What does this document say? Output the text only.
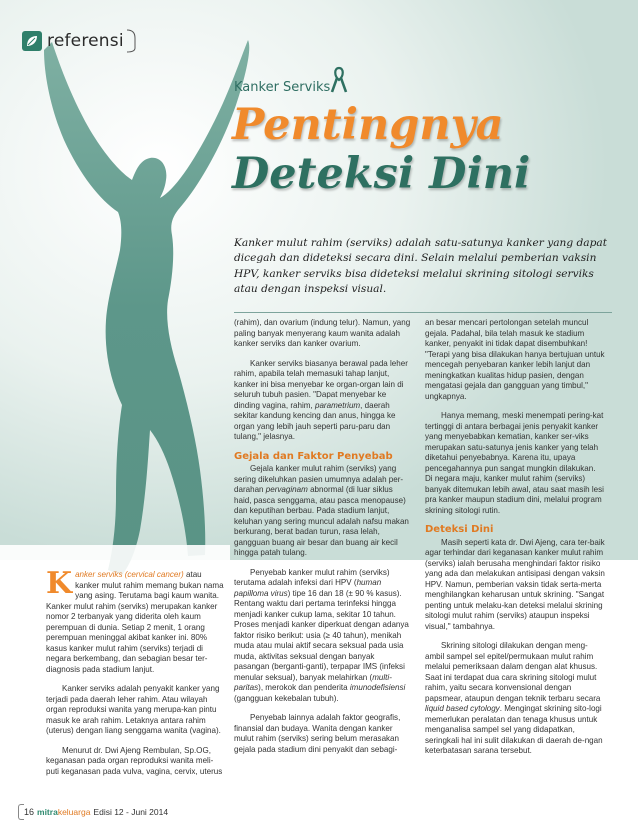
referensi
Kanker Serviks
Pentingnya
Deteksi Dini
Kanker mulut rahim (serviks) adalah satu-satunya kanker yang dapat dicegah dan dideteksi secara dini. Selain melalui pemberian vaksin HPV, kanker serviks bisa dideteksi melalui skrining sitologi serviks atau dengan inspeksi visual.

Kanker serviks (cervical cancer) atau kanker mulut rahim memang bukan nama yang asing. Terutama bagi kaum wanita. Kanker mulut rahim (serviks) merupakan kanker nomor 2 terbanyak yang diderita oleh kaum perempuan di dunia. Setiap 2 menit, 1 orang perempuan meninggal akibat kanker ini. 80% kasus kanker mulut rahim (serviks) terjadi di negara berkembang, dan sebagian besar ter-diagnosis pada stadium lanjut.

Kanker serviks adalah penyakit kanker yang terjadi pada daerah leher rahim. Atau wilayah organ reproduksi wanita yang merupa-kan pintu masuk ke arah rahim. Letaknya antara rahim (uterus) dengan liang senggama wanita (vagina).

Menurut dr. Dwi Ajeng Rembulan, Sp.OG, keganasan pada organ reproduksi wanita meli-puti keganasan pada vulva, vagina, cervix, uterus

(rahim), dan ovarium (indung telur). Namun, yang paling banyak menyerang kaum wanita adalah kanker serviks dan kanker ovarium.

Kanker serviks biasanya berawal pada leher rahim, apabila telah memasuki tahap lanjut, kanker ini bisa menyebar ke organ-organ lain di seluruh tubuh pasien. "Dapat menyebar ke dinding vagina, rahim, parametrium, daerah sekitar kandung kencing dan anus, hingga ke organ yang lebih jauh seperti paru-paru dan tulang," jelasnya.

Gejala dan Faktor Penyebab

Gejala kanker mulut rahim (serviks) yang sering dikeluhkan pasien umumnya adalah per-darahan pervaginam abnormal (di luar siklus haid, pasca senggama, atau pasca menopause) dan keputihan berbau. Pada stadium lanjut, keluhan yang sering muncul adalah nafsu makan berkurang, berat badan turun, rasa lelah, gangguan buang air besar dan buang air kecil hingga patah tulang.

Penyebab kanker mulut rahim (serviks) terutama adalah infeksi dari HPV (human papilloma virus) tipe 16 dan 18 (± 90 % kasus). Rentang waktu dari pertama terinfeksi hingga menjadi kanker cukup lama, sekitar 10 tahun. Proses menjadi kanker diperkuat dengan adanya faktor risiko berikut: usia (≥ 40 tahun), menikah muda atau mulai aktif secara seksual pada usia muda, aktivitas seksual dengan banyak pasangan (berganti-ganti), terpapar IMS (infeksi menular seksual), banyak melahirkan (multi-paritas), merokok dan penderita imunodefisiensi (gangguan kekebalan tubuh).

Penyebab lainnya adalah faktor geografis, finansial dan budaya. Wanita dengan kanker mulut rahim (serviks) sering belum merasakan gejala pada stadium dini penyakit dan sebagi-

an besar mencari pertolongan setelah muncul gejala. Padahal, bila telah masuk ke stadium kanker, penyakit ini tidak dapat disembuhkan! "Terapi yang bisa dilakukan hanya bertujuan untuk mencegah penyebaran kanker lebih lanjut dan meningkatkan kualitas hidup pasien, dengan mengatasi gejala dan gangguan yang timbul," ungkapnya.

Hanya memang, meski menempati pering-kat tertinggi di antara berbagai jenis penyakit kanker yang menyebabkan kematian, kanker ser-viks merupakan satu-satunya jenis kanker yang telah diketahui penyebabnya. Karena itu, upaya pencegahannya pun sangat mungkin dilakukan. Di negara maju, kanker mulut rahim (serviks) banyak ditemukan lebih awal, atau saat masih lesi pra kanker maupun stadium dini, melalui program skrining sitologi rutin.

Deteksi Dini

Masih seperti kata dr. Dwi Ajeng, cara ter-baik agar terhindar dari keganasan kanker mulut rahim (serviks) ialah berusaha menghindari faktor risiko yang ada dan melakukan antisipasi dengan vaksin HPV. Namun, pemberian vaksin tidak serta-merta menghilangkan keharusan untuk skrining. "Sangat penting untuk melaku-kan deteksi melalui skrining sitologi mulut rahim (serviks) ataupun inspeksi visual," tambahnya.

Skrining sitologi dilakukan dengan meng-ambil sampel sel epitel/permukaan mulut rahim melalui pemeriksaan dalam dengan alat khusus. Saat ini terdapat dua cara skrining sitologi mulut rahim, yaitu secara konvensional dengan papsmear, ataupun dengan teknik terbaru secara liquid based cytology. Mengingat skrining sito-logi memerlukan peralatan dan tenaga khusus untuk menganalisa sampel sel yang didapatkan, seringkali hal ini sulit dilakukan di daerah de-ngan keterbatasan sarana tersebut.

16 mitra keluarga Edisi 12 - Juni 2014
